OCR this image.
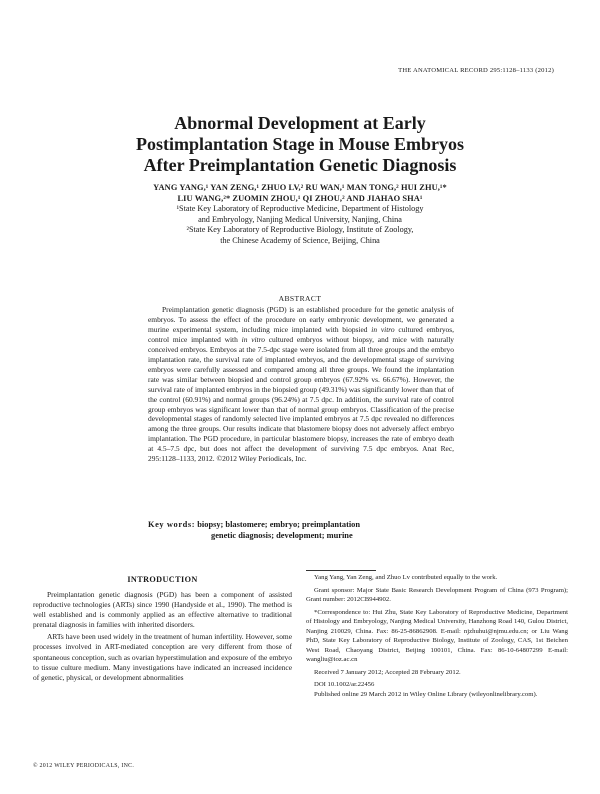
THE ANATOMICAL RECORD 295:1128–1133 (2012)
Abnormal Development at Early
Postimplantation Stage in Mouse Embryos
After Preimplantation Genetic Diagnosis
YANG YANG,¹ YAN ZENG,¹ ZHUO LV,² RU WAN,¹ MAN TONG,² HUI ZHU,¹*
LIU WANG,²* ZUOMIN ZHOU,¹ QI ZHOU,² AND JIAHAO SHA¹
¹State Key Laboratory of Reproductive Medicine, Department of Histology
and Embryology, Nanjing Medical University, Nanjing, China
²State Key Laboratory of Reproductive Biology, Institute of Zoology,
the Chinese Academy of Science, Beijing, China
ABSTRACT
Preimplantation genetic diagnosis (PGD) is an established procedure for the genetic analysis of embryos. To assess the effect of the procedure on early embryonic development, we generated a murine experimental system, including mice implanted with biopsied in vitro cultured embryos, control mice implanted with in vitro cultured embryos without biopsy, and mice with naturally conceived embryos. Embryos at the 7.5-dpc stage were isolated from all three groups and the embryo implantation rate, the survival rate of implanted embryos, and the developmental stage of surviving embryos were carefully assessed and compared among all three groups. We found the implantation rate was similar between biopsied and control group embryos (67.92% vs. 66.67%). However, the survival rate of implanted embryos in the biopsied group (49.31%) was significantly lower than that of the control (60.91%) and normal groups (96.24%) at 7.5 dpc. In addition, the survival rate of control group embryos was significant lower than that of normal group embryos. Classification of the precise developmental stages of randomly selected live implanted embryos at 7.5 dpc revealed no differences among the three groups. Our results indicate that blastomere biopsy does not adversely affect embryo implantation. The PGD procedure, in particular blastomere biopsy, increases the rate of embryo death at 4.5–7.5 dpc, but does not affect the development of surviving 7.5 dpc embryos. Anat Rec, 295:1128–1133, 2012. ©2012 Wiley Periodicals, Inc.
Key words: biopsy; blastomere; embryo; preimplantation
genetic diagnosis; development; murine
INTRODUCTION

Preimplantation genetic diagnosis (PGD) has been a component of assisted reproductive technologies (ARTs) since 1990 (Handyside et al., 1990). The method is well established and is commonly applied as an effective alternative to traditional prenatal diagnosis in families with inherited disorders.

ARTs have been used widely in the treatment of human infertility. However, some processes involved in ART-mediated conception are very different from those of spontaneous conception, such as ovarian hyperstimulation and exposure of the embryo to tissue culture medium. Many investigations have indicated an increased incidence of genetic, physical, or development abnormalities

© 2012 WILEY PERIODICALS, INC.

Yang Yang, Yan Zeng, and Zhuo Lv contributed equally to the work.

Grant sponsor: Major State Basic Research Development Program of China (973 Program); Grant number: 2012CB944902.

*Correspondence to: Hui Zhu, State Key Laboratory of Reproductive Medicine, Department of Histology and Embryology, Nanjing Medical University, Hanzhong Road 140, Gulou District, Nanjing 210029, China. Fax: 86-25-86862908. E-mail: njzhuhui@njmu.edu.cn; or Liu Wang PhD, State Key Laboratory of Reproductive Biology, Institute of Zoology, CAS, 1st Beichen West Road, Chaoyang District, Beijing 100101, China. Fax: 86-10-64807299 E-mail: wangliu@ioz.ac.cn

Received 7 January 2012; Accepted 28 February 2012.

DOI 10.1002/ar.22456

Published online 29 March 2012 in Wiley Online Library (wileyonlinelibrary.com).
